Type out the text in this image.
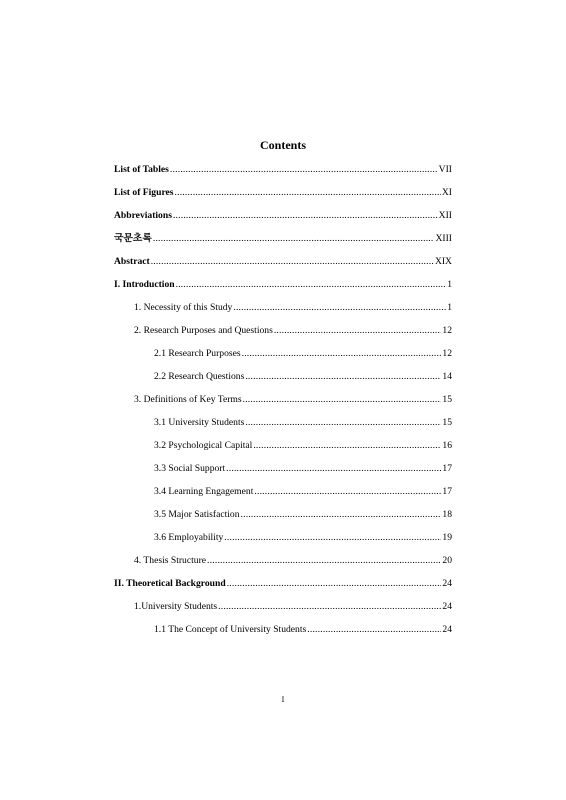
Contents
List of Tables .....	VII
List of Figures .....	XI
Abbreviations .....	XII
국문초록 .....	XIII
Abstract .....	XIX
I. Introduction .....	1
1. Necessity of this Study .....	1
2. Research Purposes and Questions .....	12
2.1 Research Purposes .....	12
2.2 Research Questions .....	14
3. Definitions of Key Terms .....	15
3.1 University Students .....	15
3.2 Psychological Capital .....	16
3.3 Social Support .....	17
3.4 Learning Engagement .....	17
3.5 Major Satisfaction .....	18
3.6 Employability .....	19
4. Thesis Structure .....	20
II. Theoretical Background .....	24
1.University Students .....	24
1.1 The Concept of University Students .....	24
I
